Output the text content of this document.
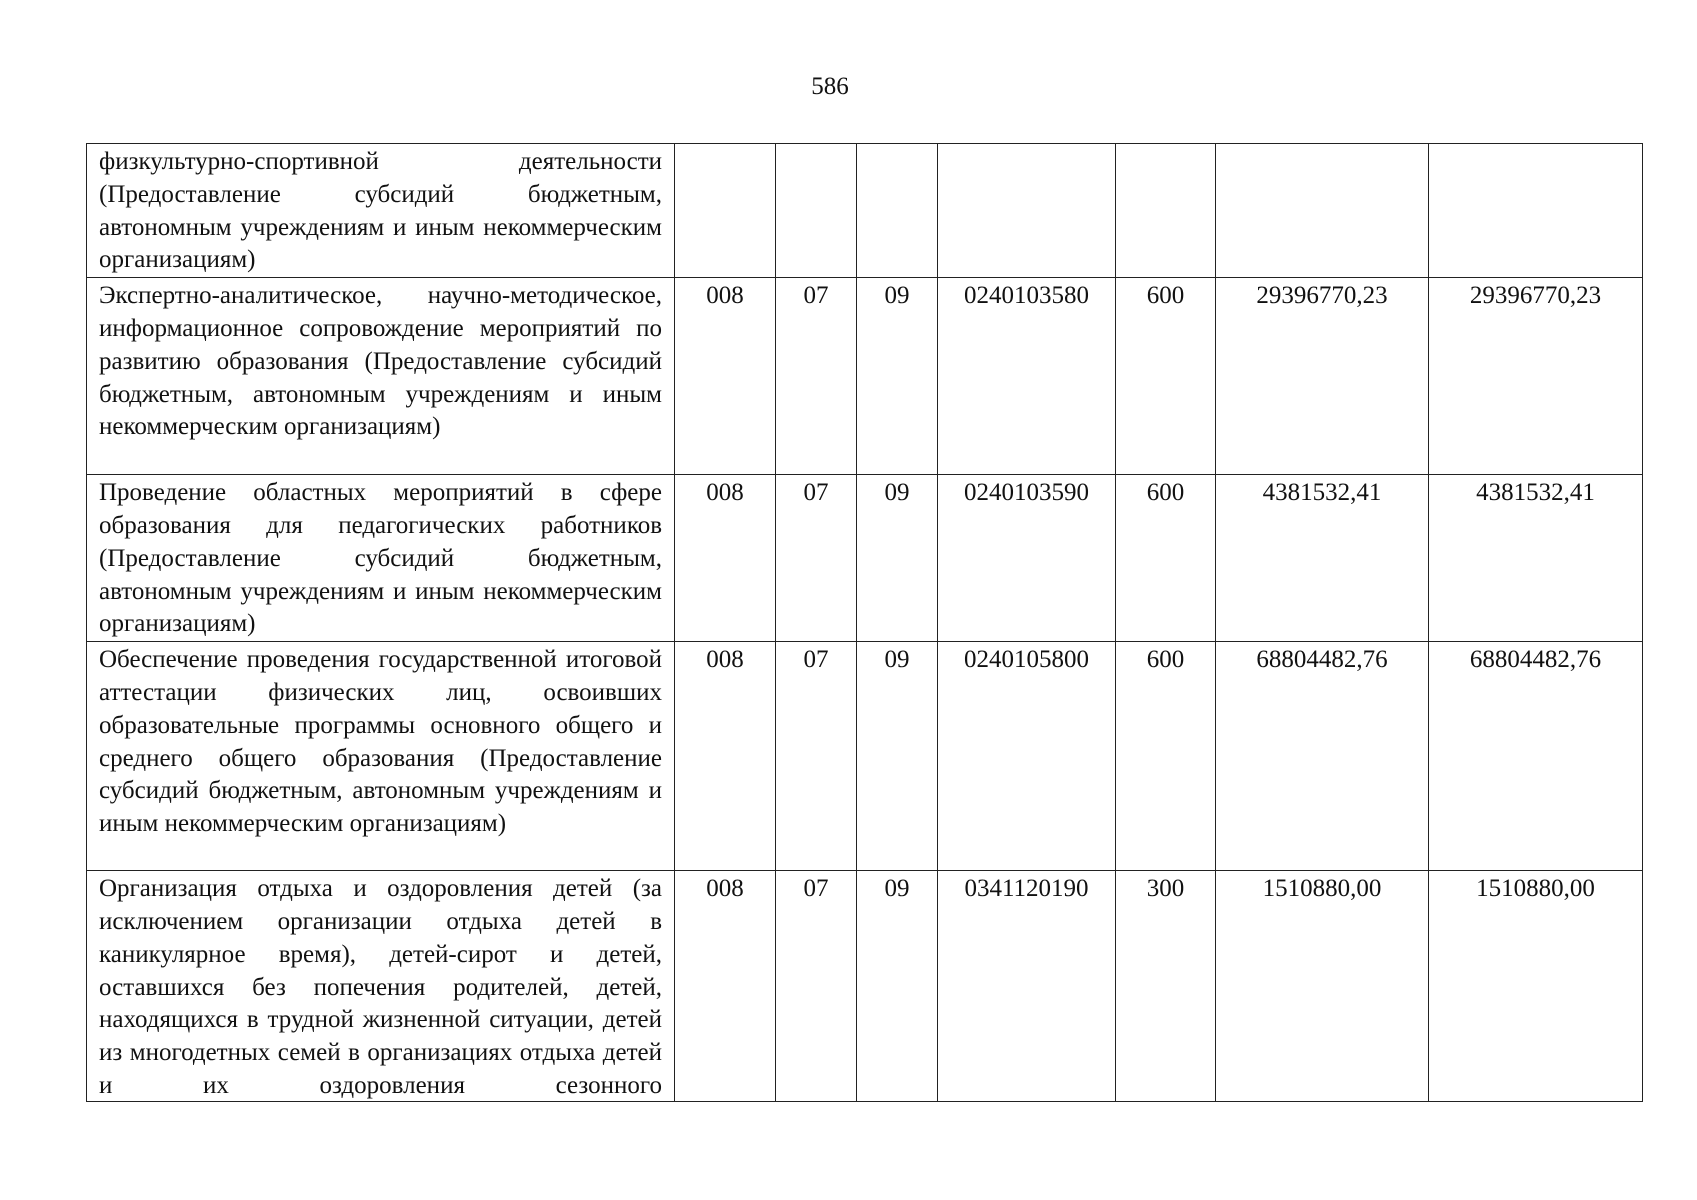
586
физкультурно-спортивной деятельности (Предоставление субсидий бюджетным, автономным учреждениям и иным некоммерческим организациям)							
Экспертно-аналитическое, научно-методическое, информационное сопровождение мероприятий по развитию образования (Предоставление субсидий бюджетным, автономным учреждениям и иным некоммерческим организациям)	008	07	09	0240103580	600	29396770,23	29396770,23
Проведение областных мероприятий в сфере образования для педагогических работников (Предоставление субсидий бюджетным, автономным учреждениям и иным некоммерческим организациям)	008	07	09	0240103590	600	4381532,41	4381532,41
Обеспечение проведения государственной итоговой аттестации физических лиц, освоивших образовательные программы основного общего и среднего общего образования (Предоставление субсидий бюджетным, автономным учреждениям и иным некоммерческим организациям)	008	07	09	0240105800	600	68804482,76	68804482,76

Организация отдыха и оздоровления детей (за исключением организации отдыха детей в каникулярное время), детей-сирот и детей, оставшихся без попечения родителей, детей, находящихся в трудной жизненной ситуации, детей из многодетных семей в организациях отдыха детей и их оздоровления сезонного	008	07	09	0341120190	300	1510880,00	1510880,00
